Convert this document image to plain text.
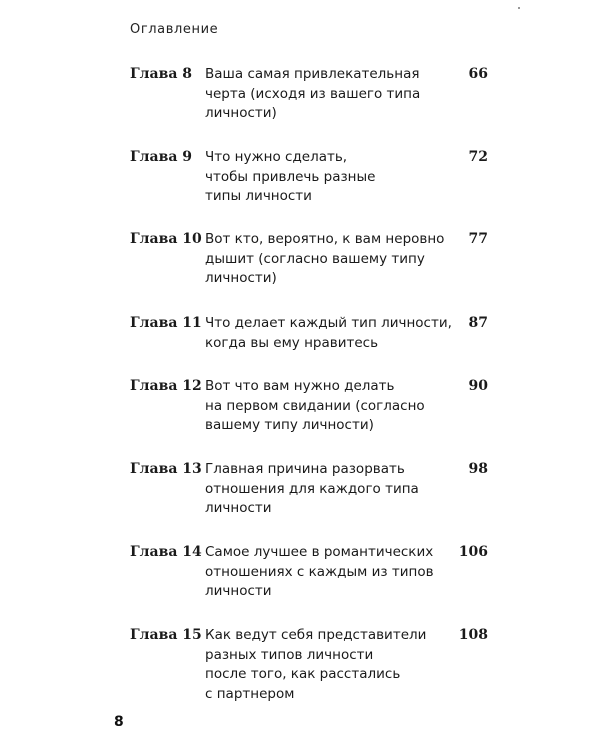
Оглавление
Глава 8 Ваша самая привлекательная
черта (исходя из вашего типа
личности)
66
Глава 9 Что нужно сделать,
чтобы привлечь разные
типы личности
72
Глава 10 Вот кто, вероятно, к вам неровно
дышит (согласно вашему типу
личности)
77
Глава 11 Что делает каждый тип личности,
когда вы ему нравитесь
87
Глава 12 Вот что вам нужно делать
на первом свидании (согласно
вашему типу личности)
90
Глава 13 Главная причина разорвать
отношения для каждого типа
личности
98
Глава 14 Самое лучшее в романтических
отношениях с каждым из типов
личности
106
Глава 15 Как ведут себя представители
разных типов личности
после того, как расстались
с партнером
108
8
